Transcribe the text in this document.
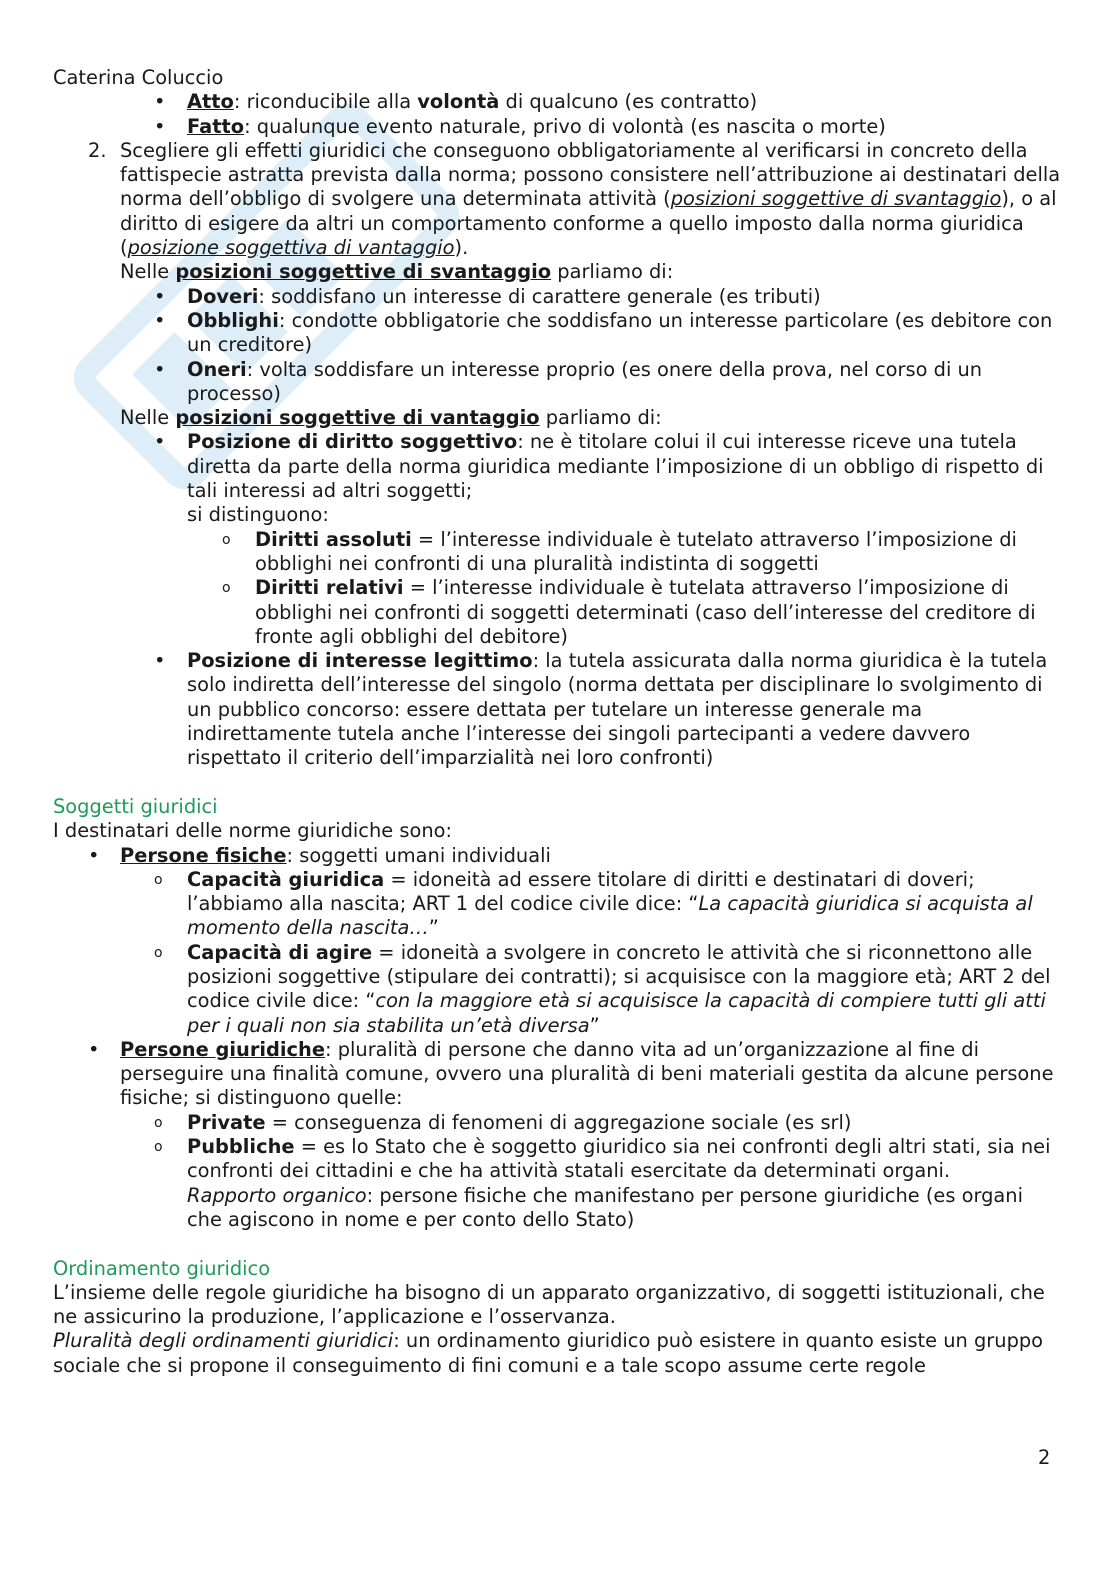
Caterina Coluccio

• Atto: riconducibile alla volontà di qualcuno (es contratto)
• Fatto: qualunque evento naturale, privo di volontà (es nascita o morte)
2. Scegliere gli effetti giuridici che conseguono obbligatoriamente al verificarsi in concreto della fattispecie astratta prevista dalla norma; possono consistere nell’attribuzione ai destinatari della norma dell’obbligo di svolgere una determinata attività (posizioni soggettive di svantaggio), o al diritto di esigere da altri un comportamento conforme a quello imposto dalla norma giuridica (posizione soggettiva di vantaggio).

Nelle posizioni soggettive di svantaggio parliamo di:

• Doveri: soddisfano un interesse di carattere generale (es tributi)
• Obblighi: condotte obbligatorie che soddisfano un interesse particolare (es debitore con un creditore)
• Oneri: volta soddisfare un interesse proprio (es onere della prova, nel corso di un processo)

Nelle posizioni soggettive di vantaggio parliamo di:

• Posizione di diritto soggettivo: ne è titolare colui il cui interesse riceve una tutela diretta da parte della norma giuridica mediante l’imposizione di un obbligo di rispetto di tali interessi ad altri soggetti;

si distinguono:

o Diritti assoluti = l’interesse individuale è tutelato attraverso l’imposizione di obblighi nei confronti di una pluralità indistinta di soggetti
o Diritti relativi = l’interesse individuale è tutelata attraverso l’imposizione di obblighi nei confronti di soggetti determinati (caso dell’interesse del creditore di fronte agli obblighi del debitore)
• Posizione di interesse legittimo: la tutela assicurata dalla norma giuridica è la tutela solo indiretta dell’interesse del singolo (norma dettata per disciplinare lo svolgimento di un pubblico concorso: essere dettata per tutelare un interesse generale ma indirettamente tutela anche l’interesse dei singoli partecipanti a vedere davvero rispettato il criterio dell’imparzialità nei loro confronti)

Soggetti giuridici

I destinatari delle norme giuridiche sono:

• Persone fisiche: soggetti umani individuali
o Capacità giuridica = idoneità ad essere titolare di diritti e destinatari di doveri; l’abbiamo alla nascita; ART 1 del codice civile dice: “La capacità giuridica si acquista al momento della nascita…”
o Capacità di agire = idoneità a svolgere in concreto le attività che si riconnettono alle posizioni soggettive (stipulare dei contratti); si acquisisce con la maggiore età; ART 2 del codice civile dice: “con la maggiore età si acquisisce la capacità di compiere tutti gli atti per i quali non sia stabilita un’età diversa”
• Persone giuridiche: pluralità di persone che danno vita ad un’organizzazione al fine di perseguire una finalità comune, ovvero una pluralità di beni materiali gestita da alcune persone fisiche; si distinguono quelle:
o Private = conseguenza di fenomeni di aggregazione sociale (es srl)
o Pubbliche = es lo Stato che è soggetto giuridico sia nei confronti degli altri stati, sia nei confronti dei cittadini e che ha attività statali esercitate da determinati organi.

Rapporto organico: persone fisiche che manifestano per persone giuridiche (es organi che agiscono in nome e per conto dello Stato)

Ordinamento giuridico

L’insieme delle regole giuridiche ha bisogno di un apparato organizzativo, di soggetti istituzionali, che ne assicurino la produzione, l’applicazione e l’osservanza.

Pluralità degli ordinamenti giuridici: un ordinamento giuridico può esistere in quanto esiste un gruppo sociale che si propone il conseguimento di fini comuni e a tale scopo assume certe regole

2
